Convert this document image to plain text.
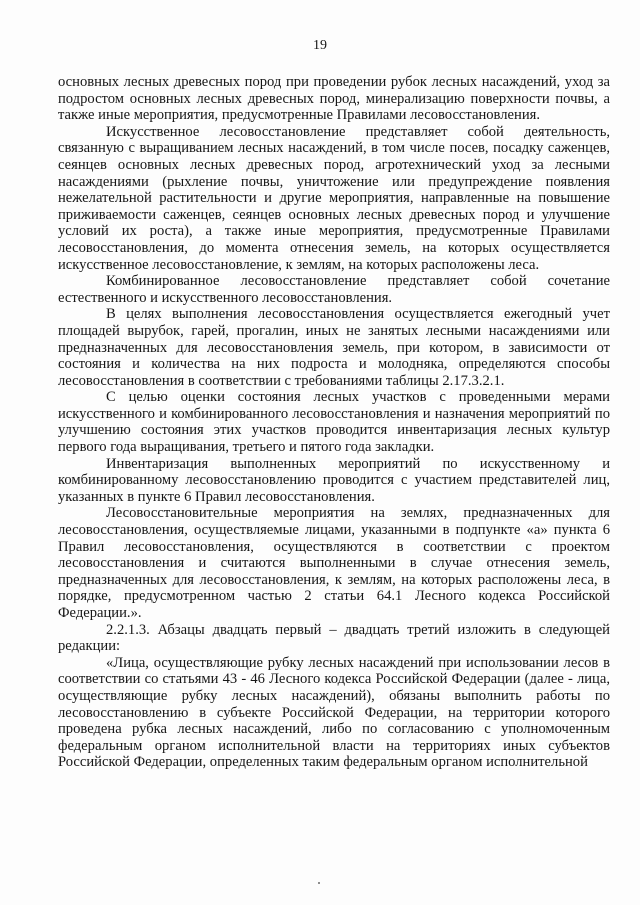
19

основных лесных древесных пород при проведении рубок лесных насаждений, уход за подростом основных лесных древесных пород, минерализацию поверхности почвы, а также иные мероприятия, предусмотренные Правилами лесовосстановления.

Искусственное лесовосстановление представляет собой деятельность, связанную с выращиванием лесных насаждений, в том числе посев, посадку саженцев, сеянцев основных лесных древесных пород, агротехнический уход за лесными насаждениями (рыхление почвы, уничтожение или предупреждение появления нежелательной растительности и другие мероприятия, направленные на повышение приживаемости саженцев, сеянцев основных лесных древесных пород и улучшение условий их роста), а также иные мероприятия, предусмотренные Правилами лесовосстановления, до момента отнесения земель, на которых осуществляется искусственное лесовосстановление, к землям, на которых расположены леса.

Комбинированное лесовосстановление представляет собой сочетание естественного и искусственного лесовосстановления.

В целях выполнения лесовосстановления осуществляется ежегодный учет площадей вырубок, гарей, прогалин, иных не занятых лесными насаждениями или предназначенных для лесовосстановления земель, при котором, в зависимости от состояния и количества на них подроста и молодняка, определяются способы лесовосстановления в соответствии с требованиями таблицы 2.17.3.2.1.

С целью оценки состояния лесных участков с проведенными мерами искусственного и комбинированного лесовосстановления и назначения мероприятий по улучшению состояния этих участков проводится инвентаризация лесных культур первого года выращивания, третьего и пятого года закладки.

Инвентаризация выполненных мероприятий по искусственному и комбинированному лесовосстановлению проводится с участием представителей лиц, указанных в пункте 6 Правил лесовосстановления.

Лесовосстановительные мероприятия на землях, предназначенных для лесовосстановления, осуществляемые лицами, указанными в подпункте «а» пункта 6 Правил лесовосстановления, осуществляются в соответствии с проектом лесовосстановления и считаются выполненными в случае отнесения земель, предназначенных для лесовосстановления, к землям, на которых расположены леса, в порядке, предусмотренном частью 2 статьи 64.1 Лесного кодекса Российской Федерации.».

2.2.1.3. Абзацы двадцать первый – двадцать третий изложить в следующей редакции:

«Лица, осуществляющие рубку лесных насаждений при использовании лесов в соответствии со статьями 43 - 46 Лесного кодекса Российской Федерации (далее - лица, осуществляющие рубку лесных насаждений), обязаны выполнить работы по лесовосстановлению в субъекте Российской Федерации, на территории которого проведена рубка лесных насаждений, либо по согласованию с уполномоченным федеральным органом исполнительной власти на территориях иных субъектов Российской Федерации, определенных таким федеральным органом исполнительной
